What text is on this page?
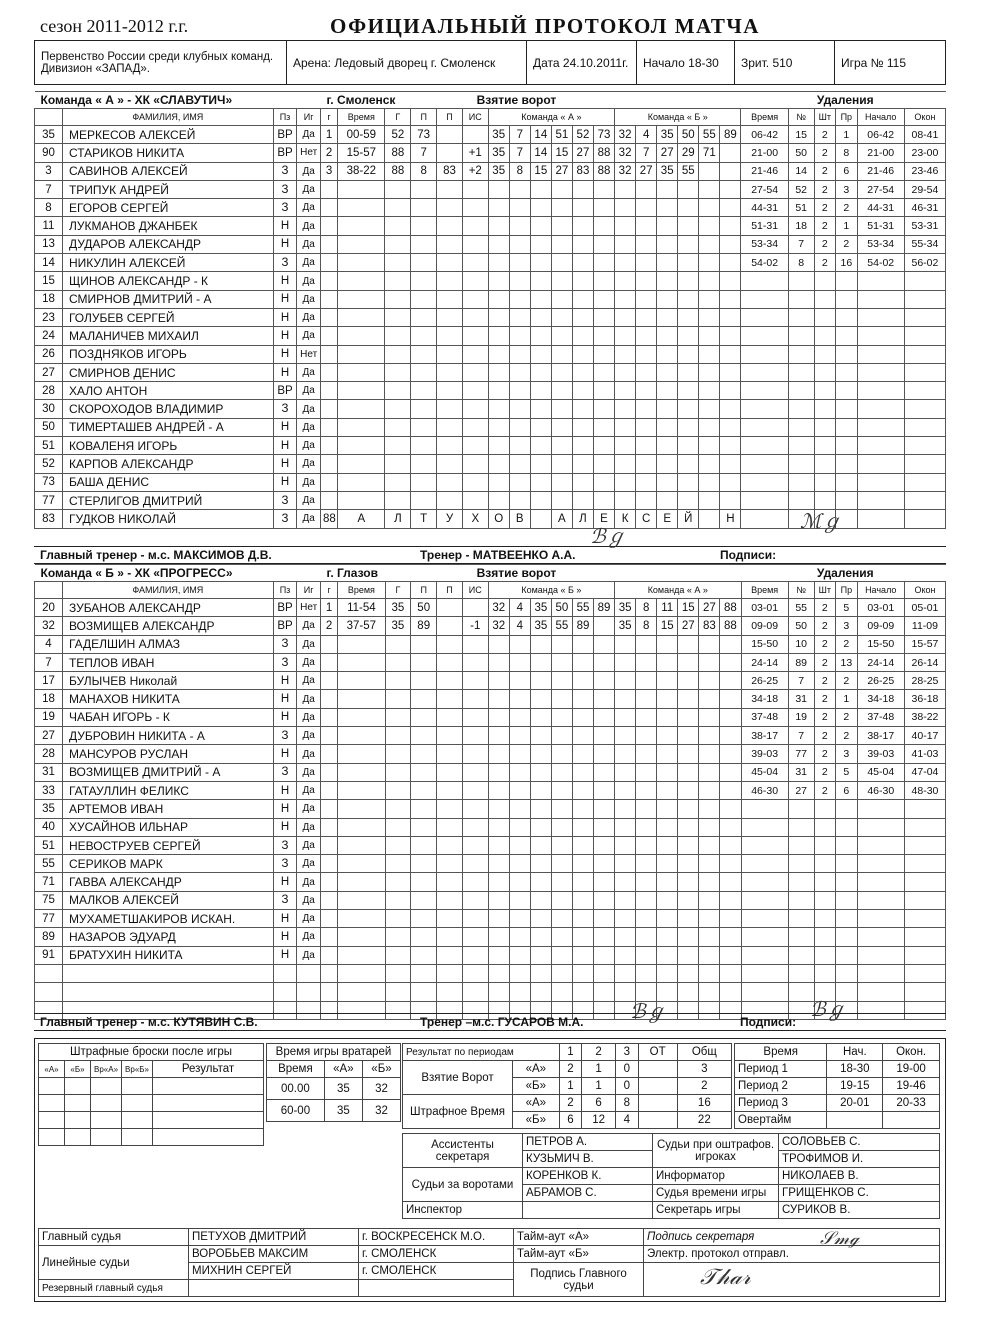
сезон 2011-2012 г.г.	ОФИЦИАЛЬНЫЙ ПРОТОКОЛ МАТЧА
Первенство России среди клубных команд. Дивизион «ЗАПАД».	Арена: Ледовый дворец г. Смоленск	Дата 24.10.2011г.	Начало 18-30	Зрит. 510	Игра № 115
Команда « А » - ХК «СЛАВУТИЧ»				г. Смоленск				Взятие ворот														Удаления					
	ФАМИЛИЯ, ИМЯ	Пз	Иг	г	Время	Г	П	П	ИС	Команда « А »						Команда « Б »						Время	№	Шт	Пр	Начало	Окон
35	МЕРКЕСОВ АЛЕКСЕЙ	ВР	Да	1	00-59	52	73			35	7	14	51	52	73	32	4	35	50	55	89	06-42	15	2	1	06-42	08-41
90	СТАРИКОВ НИКИТА	ВР	Нет	2	15-57	88	7		+1	35	7	14	15	27	88	32	7	27	29	71		21-00	50	2	8	21-00	23-00
3	САВИНОВ АЛЕКСЕЙ	З	Да	3	38-22	88	8	83	+2	35	8	15	27	83	88	32	27	35	55			21-46	14	2	6	21-46	23-46
7	ТРИПУК АНДРЕЙ	З	Да																			27-54	52	2	3	27-54	29-54
8	ЕГОРОВ СЕРГЕЙ	З	Да																			44-31	51	2	2	44-31	46-31
11	ЛУКМАНОВ ДЖАНБЕК	Н	Да																			51-31	18	2	1	51-31	53-31
13	ДУДАРОВ АЛЕКСАНДР	Н	Да																			53-34	7	2	2	53-34	55-34
14	НИКУЛИН АЛЕКСЕЙ	З	Да																			54-02	8	2	16	54-02	56-02
15	ЩИНОВ АЛЕКСАНДР - К	Н	Да																								
18	СМИРНОВ ДМИТРИЙ - А	Н	Да																								
23	ГОЛУБЕВ СЕРГЕЙ	Н	Да																								
24	МАЛАНИЧЕВ МИХАИЛ	Н	Да																								
26	ПОЗДНЯКОВ ИГОРЬ	Н	Нет																								
27	СМИРНОВ ДЕНИС	Н	Да																								
28	ХАЛО АНТОН	ВР	Да																								
30	СКОРОХОДОВ ВЛАДИМИР	З	Да																								
50	ТИМЕРТАШЕВ АНДРЕЙ - А	Н	Да																								
51	КОВАЛЕНЯ ИГОРЬ	Н	Да																								
52	КАРПОВ АЛЕКСАНДР	Н	Да																								
73	БАША ДЕНИС	Н	Да																								
77	СТЕРЛИГОВ ДМИТРИЙ	З	Да																								
83	ГУДКОВ НИКОЛАЙ	З	Да	88	А	Л	Т	У	Х	О	В		А	Л	Е	К	С	Е	Й		Н						
Главный тренер - м.с. МАКСИМОВ Д.В.	Тренер - МАТВЕЕНКО А.А.	Подписи:
ℬℊ
ℳℊ
Команда « Б » - ХК «ПРОГРЕСС»				г. Глазов				Взятие ворот														Удаления					
	ФАМИЛИЯ, ИМЯ	Пз	Иг	г	Время	Г	П	П	ИС	Команда « Б »						Команда « А »						Время	№	Шт	Пр	Начало	Окон
20	ЗУБАНОВ АЛЕКСАНДР	ВР	Нет	1	11-54	35	50			32	4	35	50	55	89	35	8	11	15	27	88	03-01	55	2	5	03-01	05-01
32	ВОЗМИЩЕВ АЛЕКСАНДР	ВР	Да	2	37-57	35	89		-1	32	4	35	55	89		35	8	15	27	83	88	09-09	50	2	3	09-09	11-09
4	ГАДЕЛШИН АЛМАЗ	З	Да																			15-50	10	2	2	15-50	15-57
7	ТЕПЛОВ ИВАН	З	Да																			24-14	89	2	13	24-14	26-14
17	БУЛЫЧЕВ Николай	Н	Да																			26-25	7	2	2	26-25	28-25
18	МАНАХОВ НИКИТА	Н	Да																			34-18	31	2	1	34-18	36-18
19	ЧАБАН ИГОРЬ - К	Н	Да																			37-48	19	2	2	37-48	38-22
27	ДУБРОВИН НИКИТА - А	З	Да																			38-17	7	2	2	38-17	40-17
28	МАНСУРОВ РУСЛАН	Н	Да																			39-03	77	2	3	39-03	41-03
31	ВОЗМИЩЕВ ДМИТРИЙ - А	З	Да																			45-04	31	2	5	45-04	47-04
33	ГАТАУЛЛИН ФЕЛИКС	Н	Да																			46-30	27	2	6	46-30	48-30
35	АРТЕМОВ ИВАН	Н	Да																								
40	ХУСАЙНОВ ИЛЬНАР	Н	Да																								
51	НЕВОСТРУЕВ СЕРГЕЙ	З	Да																								
55	СЕРИКОВ МАРК	З	Да																								
71	ГАВВА АЛЕКСАНДР	Н	Да																								
75	МАЛКОВ АЛЕКСЕЙ	З	Да																								
77	МУХАМЕТШАКИРОВ ИСКАН.	Н	Да																								
89	НАЗАРОВ ЭДУАРД	Н	Да																								
91	БРАТУХИН НИКИТА	Н	Да																								

Главный тренер - м.с. КУТЯВИН С.В.	Тренер –м.с. ГУСАРОВ М.А.	Подписи:
ℬℊ	ℬℊ
Штрафные броски после игры				
«А»	«Б»	Вр«А»	Вр«Б»	Результат

Время игры вратарей		
Время	«А»	«Б»
00.00	35	32
60-00	35	32
Результат по периодам		1	2	3	ОТ	Общ
Взятие Ворот	«А»	2	1	0		3
	«Б»	1	1	0		2
Штрафное Время	«А»	2	6	8		16
	«Б»	6	12	4		22
Время	Нач.	Окон.
Период 1	18-30	19-00
Период 2	19-15	19-46
Период 3	20-01	20-33
Овертайм		
Ассистенты секретаря	ПЕТРОВ А.	Судьи при оштрафов. игроках	СОЛОВЬЕВ С.
	КУЗЬМИЧ В.		ТРОФИМОВ И.
Судьи за воротами	КОРЕНКОВ К.	Информатор	НИКОЛАЕВ В.
	АБРАМОВ С.	Судья времени игры	ГРИЩЕНКОВ С.
Инспектор		Секретарь игры	СУРИКОВ В.
Главный судья	ПЕТУХОВ ДМИТРИЙ	г. ВОСКРЕСЕНСК М.О.	Тайм-аут «А»	Подпись секретаря
Линейные судьи	ВОРОБЬЕВ МАКСИМ	г. СМОЛЕНСК	Тайм-аут «Б»	Электр. протокол отправл.
	МИХНИН СЕРГЕЙ	г. СМОЛЕНСК	Подпись Главного судьи	
Резервный главный судья				
𝒮𝓂ℊ
𝒯𝒽𝒶𝓇
